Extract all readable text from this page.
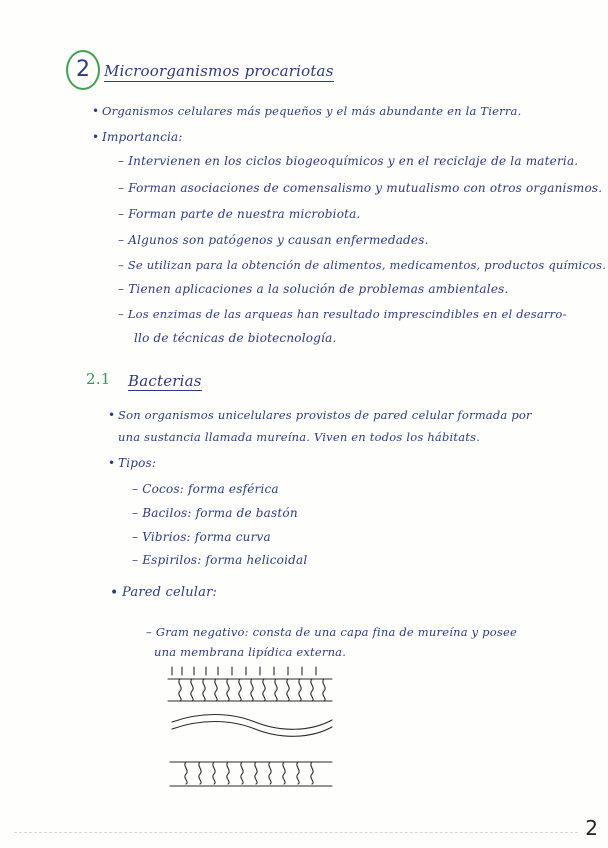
2 Microorganismos procariotas
• Organismos celulares más pequeños y el más abundante en la Tierra.
• Importancia:
– Intervienen en los ciclos biogeoquímicos y en el reciclaje de la materia.
– Forman asociaciones de comensalismo y mutualismo con otros organismos.
– Forman parte de nuestra microbiota.
– Algunos son patógenos y causan enfermedades.
– Se utilizan para la obtención de alimentos, medicamentos, productos químicos.
– Tienen aplicaciones a la solución de problemas ambientales.
– Los enzimas de las arqueas han resultado imprescindibles en el desarro-
llo de técnicas de biotecnología.
2.1 Bacterias
• Son organismos unicelulares provistos de pared celular formada por
una sustancia llamada mureína. Viven en todos los hábitats.
• Tipos:
– Cocos: forma esférica
– Bacilos: forma de bastón
– Vibrios: forma curva
– Espirilos: forma helicoidal
• Pared celular:
– Gram negativo: consta de una capa fina de mureína y posee
una membrana lipídica externa.
2
